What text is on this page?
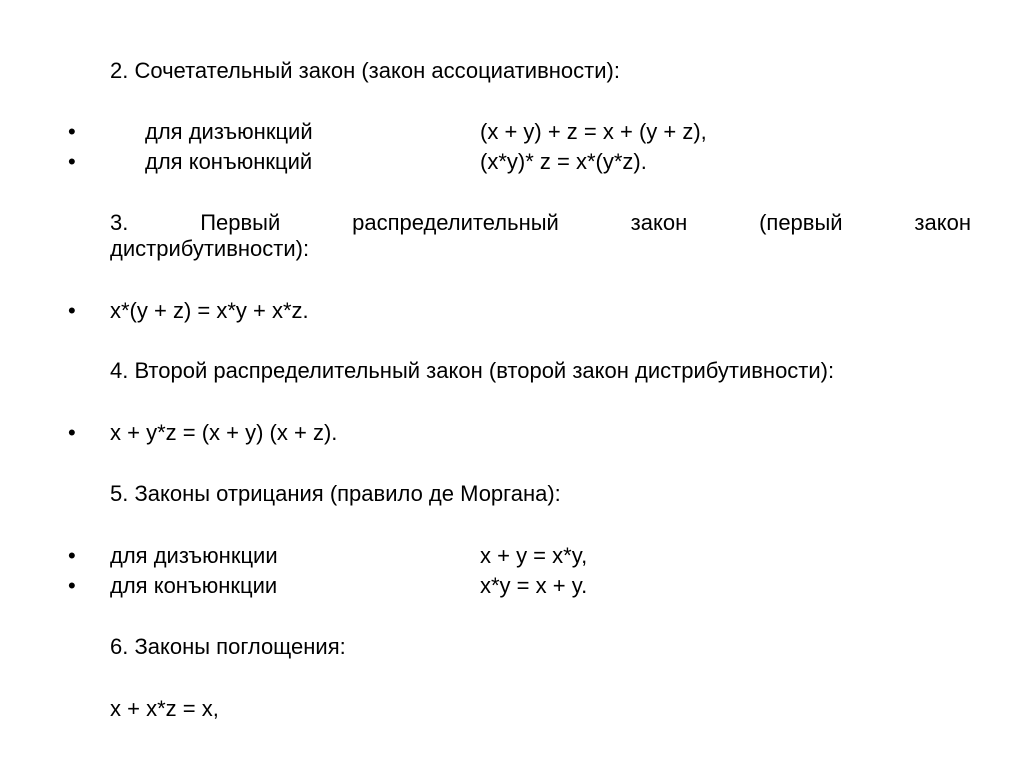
2. Сочетательный закон (закон ассоциативности):
•	для дизъюнкций	(x + y) + z = x + (y + z),
•	для конъюнкций	(x*y)* z = x*(y*z).
3.	Первый	распределительный	закон	(первый	закон
дистрибутивности):
• x*(y + z) = x*y + x*z.
4. Второй распределительный закон (второй закон дистрибутивности):
• x + y*z = (x + y) (x + z).
5. Законы отрицания (правило де Моргана):
• для дизъюнкции	x + y = x*y,
• для конъюнкции	x*y = x + y.
6. Законы поглощения:
x + x*z = x,
